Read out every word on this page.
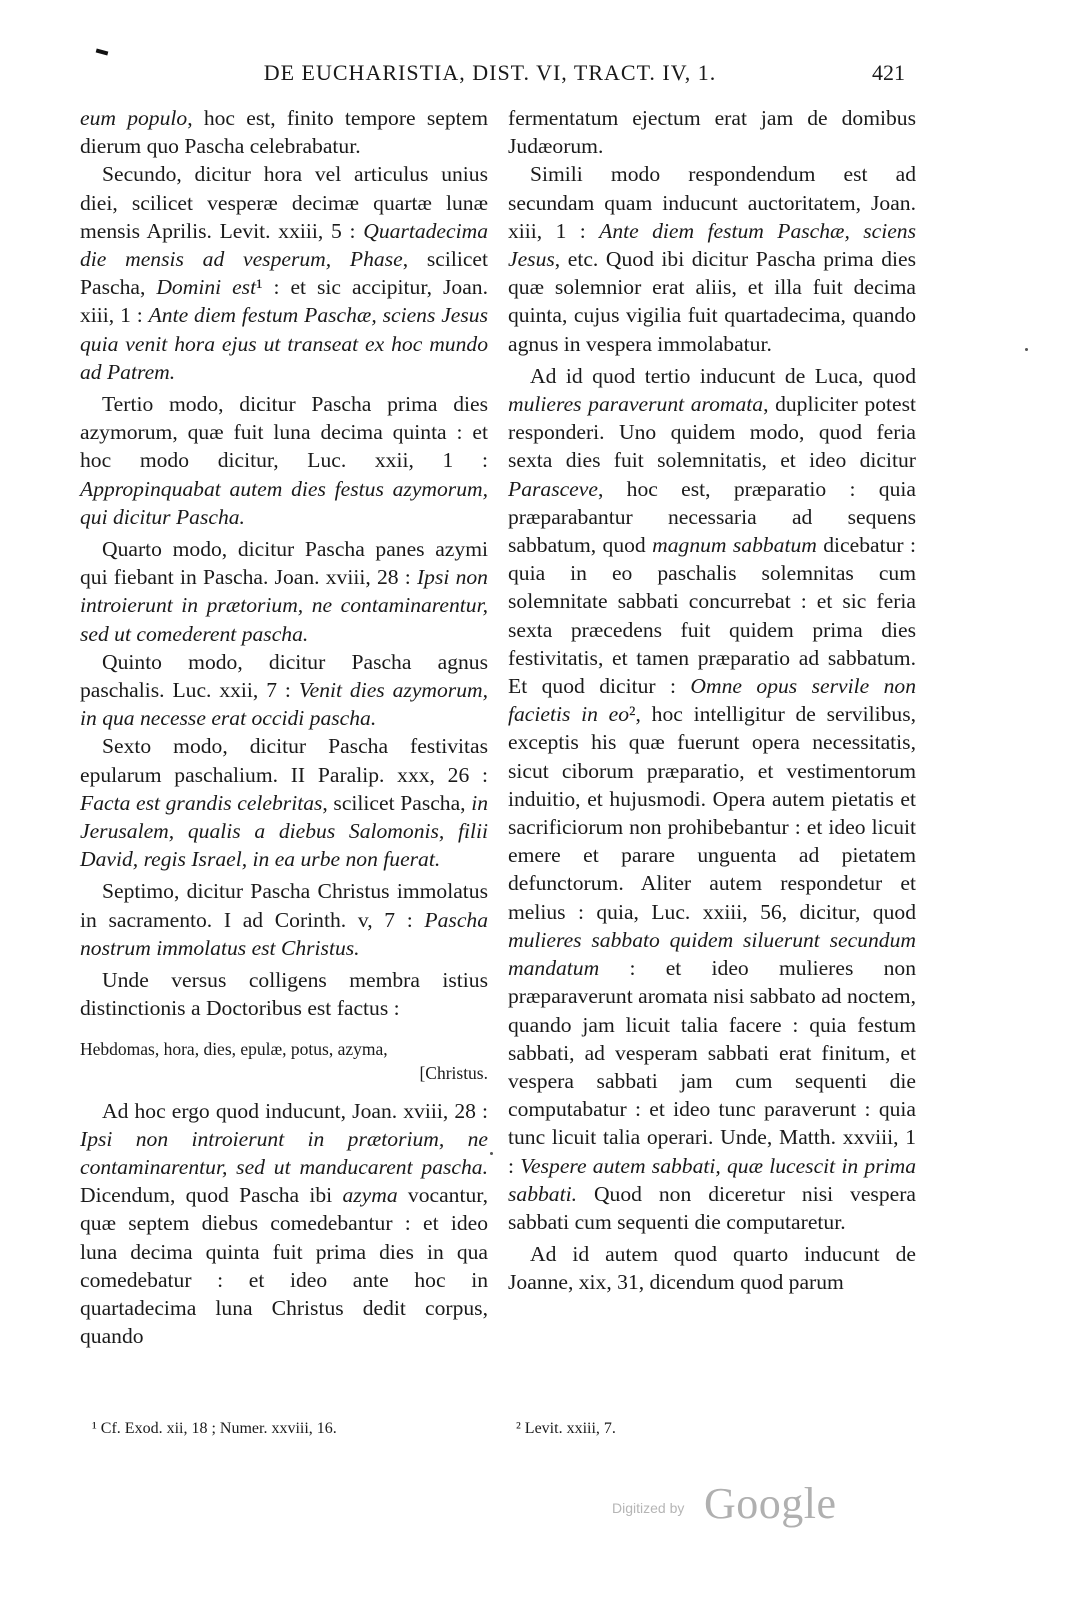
DE EUCHARISTIA, DIST. VI, TRACT. IV, 1.	421

eum populo, hoc est, finito tempore septem dierum quo Pascha celebrabatur.

Secundo, dicitur hora vel articulus unius diei, scilicet vesperæ decimæ quartæ lunæ mensis Aprilis. Levit. xxiii, 5 : Quartadecima die mensis ad vesperum, Phase, scilicet Pascha, Domini est¹ : et sic accipitur, Joan. xiii, 1 : Ante diem festum Paschæ, sciens Jesus quia venit hora ejus ut transeat ex hoc mundo ad Patrem.

Tertio modo, dicitur Pascha prima dies azymorum, quæ fuit luna decima quinta : et hoc modo dicitur, Luc. xxii, 1 : Appropinquabat autem dies festus azymorum, qui dicitur Pascha.

Quarto modo, dicitur Pascha panes azymi qui fiebant in Pascha. Joan. xviii, 28 : Ipsi non introierunt in prætorium, ne contaminarentur, sed ut comederent pascha.

Quinto modo, dicitur Pascha agnus paschalis. Luc. xxii, 7 : Venit dies azymorum, in qua necesse erat occidi pascha.

Sexto modo, dicitur Pascha festivitas epularum paschalium. II Paralip. xxx, 26 : Facta est grandis celebritas, scilicet Pascha, in Jerusalem, qualis a diebus Salomonis, filii David, regis Israel, in ea urbe non fuerat.

Septimo, dicitur Pascha Christus immolatus in sacramento. I ad Corinth. v, 7 : Pascha nostrum immolatus est Christus.

Unde versus colligens membra istius distinctionis a Doctoribus est factus :

Hebdomas, hora, dies, epulæ, potus, azyma,
[Christus.

Ad hoc ergo quod inducunt, Joan. xviii, 28 : Ipsi non introierunt in prætorium, ne contaminarentur, sed ut manducarent pascha. Dicendum, quod Pascha ibi azyma vocantur, quæ septem diebus comedebantur : et ideo luna decima quinta fuit prima dies in qua comedebatur : et ideo ante hoc in quartadecima luna Christus dedit corpus, quando

fermentatum ejectum erat jam de domibus Judæorum.

Simili modo respondendum est ad secundam quam inducunt auctoritatem, Joan. xiii, 1 : Ante diem festum Paschæ, sciens Jesus, etc. Quod ibi dicitur Pascha prima dies quæ solemnior erat aliis, et illa fuit decima quinta, cujus vigilia fuit quartadecima, quando agnus in vespera immolabatur.

Ad id quod tertio inducunt de Luca, quod mulieres paraverunt aromata, dupliciter potest responderi. Uno quidem modo, quod feria sexta dies fuit solemnitatis, et ideo dicitur Parasceve, hoc est, præparatio : quia præparabantur necessaria ad sequens sabbatum, quod magnum sabbatum dicebatur : quia in eo paschalis solemnitas cum solemnitate sabbati concurrebat : et sic feria sexta præcedens fuit quidem prima dies festivitatis, et tamen præparatio ad sabbatum. Et quod dicitur : Omne opus servile non facietis in eo², hoc intelligitur de servilibus, exceptis his quæ fuerunt opera necessitatis, sicut ciborum præparatio, et vestimentorum induitio, et hujusmodi. Opera autem pietatis et sacrificiorum non prohibebantur : et ideo licuit emere et parare unguenta ad pietatem defunctorum. Aliter autem respondetur et melius : quia, Luc. xxiii, 56, dicitur, quod mulieres sabbato quidem siluerunt secundum mandatum : et ideo mulieres non præparaverunt aromata nisi sabbato ad noctem, quando jam licuit talia facere : quia festum sabbati, ad vesperam sabbati erat finitum, et vespera sabbati jam cum sequenti die computabatur : et ideo tunc paraverunt : quia tunc licuit talia operari. Unde, Matth. xxviii, 1 : Vespere autem sabbati, quæ lucescit in prima sabbati. Quod non diceretur nisi vespera sabbati cum sequenti die computaretur.

Ad id autem quod quarto inducunt de Joanne, xix, 31, dicendum quod parum

¹ Cf. Exod. xii, 18 ; Numer. xxviii, 16.	² Levit. xxiii, 7.
Digitized by Google
